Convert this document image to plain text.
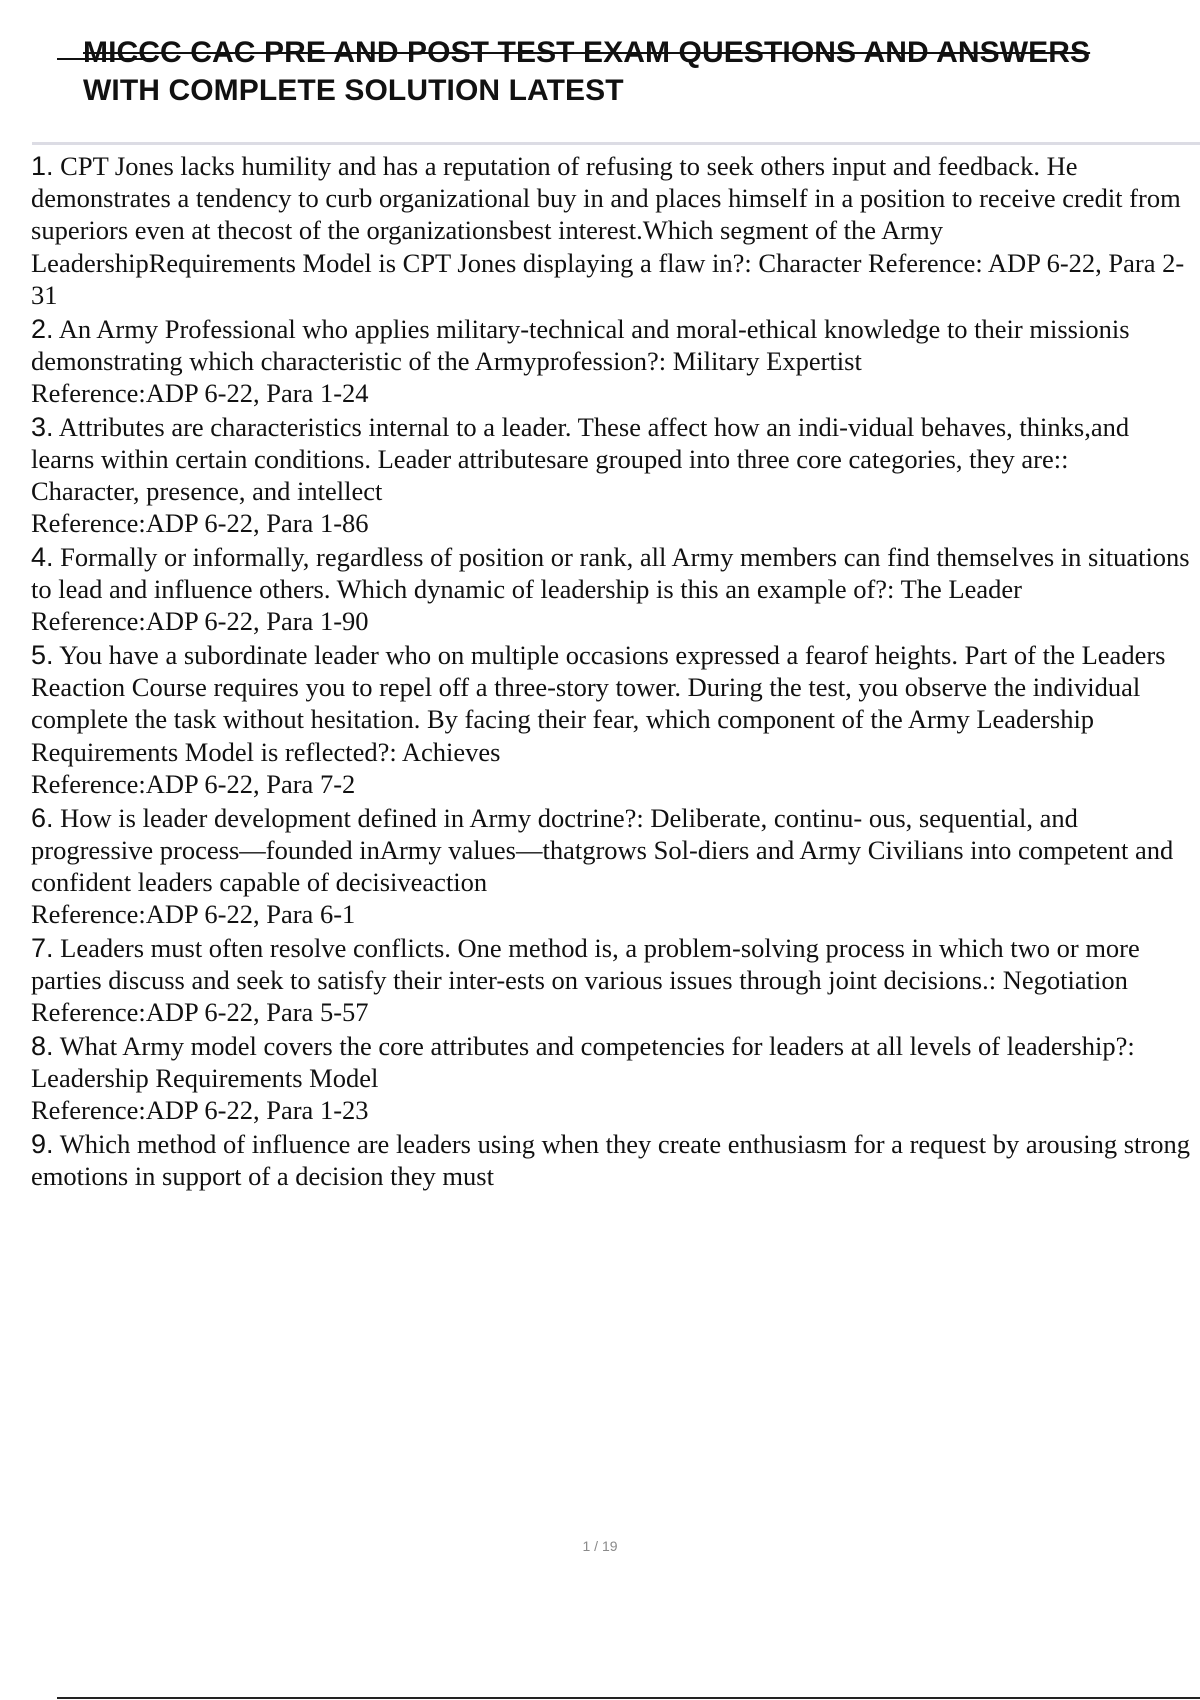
MICCC CAC PRE AND POST TEST EXAM QUESTIONS AND ANSWERS
WITH COMPLETE SOLUTION LATEST
1. CPT Jones lacks humility and has a reputation of refusing to seek others input and feedback. He demonstrates a tendency to curb organizational buy in and places himself in a position to receive credit from superiors even at thecost of the organizationsbest interest.Which segment of the Army LeadershipRequirements Model is CPT Jones displaying a flaw in?: Character Reference: ADP 6-22, Para 2-31
2. An Army Professional who applies military-technical and moral-ethical knowledge to their missionis demonstrating which characteristic of the Armyprofession?: Military Expertist
Reference:ADP 6-22, Para 1-24
3. Attributes are characteristics internal to a leader. These affect how an indi-vidual behaves, thinks,and learns within certain conditions. Leader attributesare grouped into three core categories, they are:: Character, presence, and intellect
Reference:ADP 6-22, Para 1-86
4. Formally or informally, regardless of position or rank, all Army members can find themselves in situations to lead and influence others. Which dynamic of leadership is this an example of?: The Leader
Reference:ADP 6-22, Para 1-90
5. You have a subordinate leader who on multiple occasions expressed a fearof heights. Part of the Leaders Reaction Course requires you to repel off a three-story tower. During the test, you observe the individual complete the task without hesitation. By facing their fear, which component of the Army Leadership Requirements Model is reflected?: Achieves
Reference:ADP 6-22, Para 7-2
6. How is leader development defined in Army doctrine?: Deliberate, continu- ous, sequential, and progressive process—founded inArmy values—thatgrows Sol-diers and Army Civilians into competent and confident leaders capable of decisiveaction
Reference:ADP 6-22, Para 6-1
7. Leaders must often resolve conflicts. One method is, a problem-solving process in which two or more parties discuss and seek to satisfy their inter-ests on various issues through joint decisions.: Negotiation
Reference:ADP 6-22, Para 5-57
8. What Army model covers the core attributes and competencies for leaders at all levels of leadership?: Leadership Requirements Model
Reference:ADP 6-22, Para 1-23
9. Which method of influence are leaders using when they create enthusiasm for a request by arousing strong emotions in support of a decision they must
1 / 19
